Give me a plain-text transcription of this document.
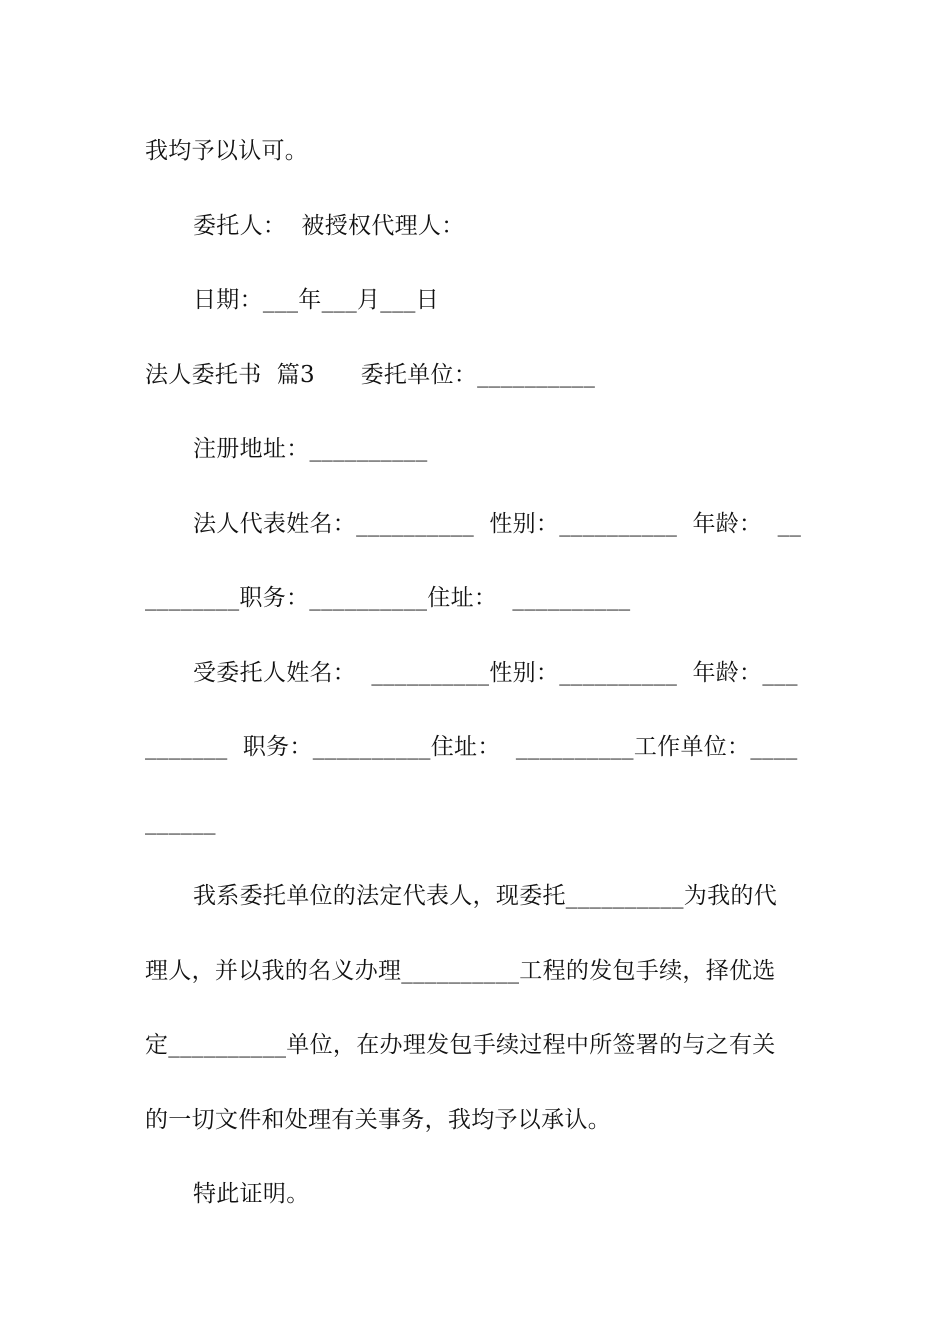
我均予以认可。
委托人：  被授权代理人：
日期：___年___月___日
法人委托书  篇3      委托单位：__________
注册地址：__________
法人代表姓名：__________  性别：__________  年龄：  __
________职务：__________住址：  __________
受委托人姓名：  __________性别：__________  年龄：___
_______  职务：__________住址：  __________工作单位：____
______
我系委托单位的法定代表人，现委托__________为我的代
理人，并以我的名义办理__________工程的发包手续，择优选
定__________单位，在办理发包手续过程中所签署的与之有关
的一切文件和处理有关事务，我均予以承认。
特此证明。
